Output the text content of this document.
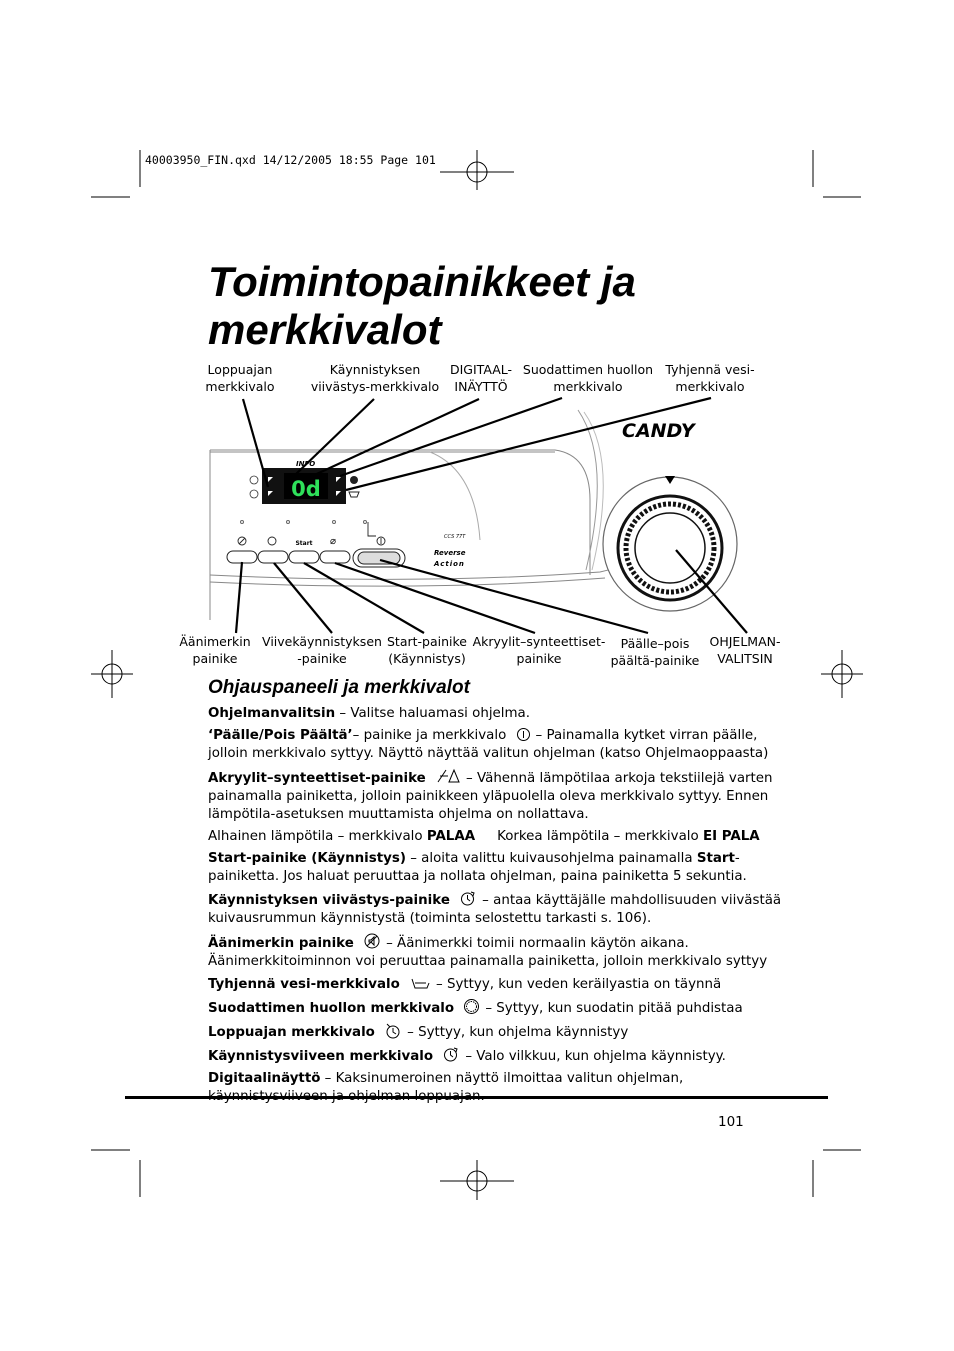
40003950_FIN.qxd 14/12/2005 18:55 Page 101
Toimintopainikkeet ja
merkkivalot
Loppuajan
merkkivalo
Käynnistyksen
viivästys-merkkivalo
DIGITAAL-
INÄYTTÖ
Suodattimen huollon
merkkivalo
Tyhjennä vesi-
merkkivalo
0d
INFO
Start ⌀	CCS 77T
Reverse
Action
CANDY
Äänimerkin
painike
Viivekäynnistyksen
-painike
Start-painike
(Käynnistys)
Akryylit–synteettiset-
painike
Päälle–pois
päältä-painike
OHJELMAN-
VALITSIN
Ohjauspaneeli ja merkkivalot

Ohjelmanvalitsin – Valitse haluamasi ohjelma.

‘Päälle/Pois Päältä’– painike ja merkkivalo – Painamalla kytket virran päälle,
jolloin merkkivalo syttyy. Näyttö näyttää valitun ohjelman (katso Ohjelmaoppaasta)

Akryylit–synteettiset-painike	– Vähennä lämpötilaa arkoja tekstiilejä varten
painamalla painiketta, jolloin painikkeen yläpuolella oleva merkkivalo syttyy. Ennen
lämpötila-asetuksen muuttamista ohjelma on nollattava.

Alhainen lämpötila – merkkivalo PALAA Korkea lämpötila – merkkivalo EI PALA

Start-painike (Käynnistys) – aloita valittu kuivausohjelma painamalla Start-
painiketta. Jos haluat peruuttaa ja nollata ohjelman, paina painiketta 5 sekuntia.

Käynnistyksen viivästys-painike – antaa käyttäjälle mahdollisuuden viivästää
kuivausrummun käynnistystä (toiminta selostettu tarkasti s. 106).

Äänimerkin painike – Äänimerkki toimii normaalin käytön aikana.
Äänimerkkitoiminnon voi peruuttaa painamalla painiketta, jolloin merkkivalo syttyy

Tyhjennä vesi-merkkivalo	– Syttyy, kun veden keräilyastia on täynnä

Suodattimen huollon merkkivalo – Syttyy, kun suodatin pitää puhdistaa

Loppuajan merkkivalo – Syttyy, kun ohjelma käynnistyy

Käynnistysviiveen merkkivalo – Valo vilkkuu, kun ohjelma käynnistyy.

Digitaalinäyttö – Kaksinumeroinen näyttö ilmoittaa valitun ohjelman,

101
